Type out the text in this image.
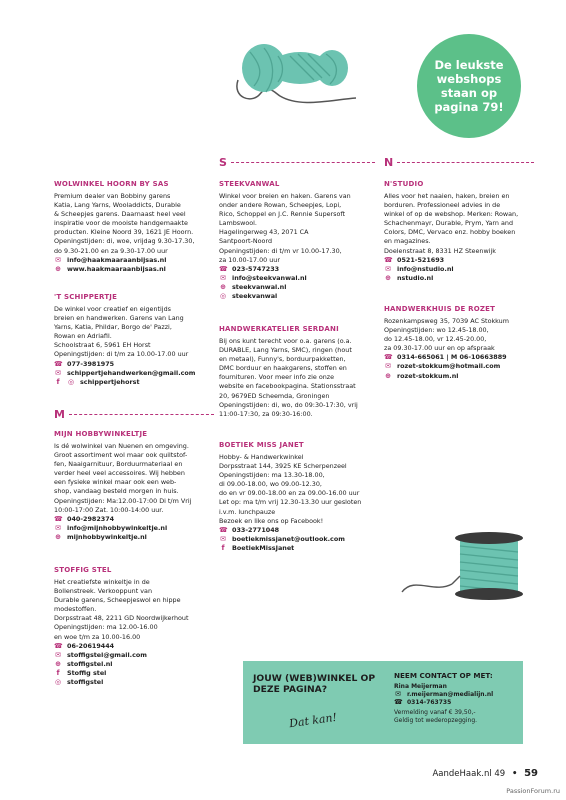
De leukste
webshops
staan op
pagina 79!
WOLWINKEL HOORN BY SAS
Premium dealer van Bobbiny garens
Katia, Lang Yarns, Wooladdicts, Durable
& Scheepjes garens. Daarnaast heel veel
inspiratie voor de mooiste handgemaakte
producten. Kleine Noord 39, 1621 JE Hoorn.
Openingstijden: di, woe, vrijdag 9.30-17.30,
do 9.30-21.00 en za 9.30-17.00 uur
✉ info@haakmaaraanbijsas.nl
⊕ www.haakmaaraanbijsas.nl
'T SCHIPPERTJE
De winkel voor creatief en eigentijds
breien en handwerken. Garens van Lang
Yarns, Katia, Phildar, Borgo de' Pazzi,
Rowan en Adriafil.
Schoolstraat 6, 5961 EH Horst
Openingstijden: di t/m za 10.00-17.00 uur
☎ 077-3981975
✉ schippertjehandwerken@gmail.com
f	◎ schippertjehorst
M
MIJN HOBBYWINKELTJE
Is dé wolwinkel van Nuenen en omgeving.
Groot assortiment wol maar ook quiltstof-
fen, Naaigarnituur, Borduurmateriaal en
verder heel veel accessoires. Wij hebben
een fysieke winkel maar ook een web-
shop, vandaag besteld morgen in huis.
Openingstijden: Ma:12.00-17:00 Di t/m Vrij
10:00-17:00 Zat. 10:00-14:00 uur.
☎ 040-2982374
✉ info@mijnhobbywinkeltje.nl
⊕ mijnhobbywinkeltje.nl
STOFFIG STEL
Het creatiefste winkeltje in de
Bollenstreek. Verkooppunt van
Durable garens, Scheepjeswol en hippe
modestoffen.
Dorpsstraat 48, 2211 GD Noordwijkerhout
Openingstijden: ma 12.00-16.00
en woe t/m za 10.00-16.00
☎ 06-20619444
✉ stoffigstel@gmail.com
⊕ stoffigstel.nl
f	Stoffig stel
◎ stoffigstel
S
STEEKVANWAL
Winkel voor breien en haken. Garens van
onder andere Rowan, Scheepjes, Lopi,
Rico, Schoppel en J.C. Rennie Supersoft
Lambswool.
Hagelingerweg 43, 2071 CA
Santpoort-Noord
Openingstijden: di t/m vr 10.00-17.30,
za 10.00-17.00 uur
☎ 023-5747233
✉ info@steekvanwal.nl
⊕ steekvanwal.nl
◎ steekvanwal
HANDWERKATELIER SERDANI
Bij ons kunt terecht voor o.a. garens (o.a.
DURABLE, Lang Yarns, SMC), ringen (hout
en metaal), Funny's, borduurpakketten,
DMC borduur en haakgarens, stoffen en
fournituren. Voor meer info zie onze
website en facebookpagina. Stationsstraat
20, 9679ED Scheemda, Groningen
Openingstijden: di, wo, do 09:30-17:30, vrij
11:00-17:30, za 09:30-16:00.
BOETIEK MISS JANET
Hobby- & Handwerkwinkel
Dorpsstraat 144, 3925 KE Scherpenzeel
Openingstijden: ma 13.30-18.00,
di 09.00-18.00, wo 09.00-12.30,
do en vr 09.00-18.00 en za 09.00-16.00 uur
Let op: ma t/m vrij 12.30-13.30 uur gesloten
i.v.m. lunchpauze
Bezoek en like ons op Facebook!
☎ 033-2771048
✉ boetiekmissjanet@outlook.com
f	BoetiekMissJanet
N
N'STUDIO
Alles voor het naaien, haken, breien en
borduren. Professioneel advies in de
winkel of op de webshop. Merken: Rowan,
Schachenmayr, Durable, Prym, Yarn and
Colors, DMC, Vervaco enz. hobby boeken
en magazines.
Doelenstraat 8, 8331 HZ Steenwijk
☎ 0521-521693
✉ info@nstudio.nl
⊕ nstudio.nl
HANDWERKHUIS DE ROZET
Rozenkampsweg 35, 7039 AC Stokkum
Openingstijden: wo 12.45-18.00,
do 12.45-18.00, vr 12.45-20.00,
za 09.30-17.00 uur en op afspraak
☎ 0314-665061 | M 06-10663889
✉ rozet-stokkum@hotmail.com
⊕ rozet-stokkum.nl
JOUW (WEB)WINKEL OP DEZE PAGINA?
Dat kan!
NEEM CONTACT OP MET:
Rina Meijerman
✉ r.meijerman@medialijn.nl
☎ 0314-763735
Vermelding vanaf € 39,50,-
Geldig tot wederopzegging.
AandeHaak.nl 49 • 59
PassionForum.ru
